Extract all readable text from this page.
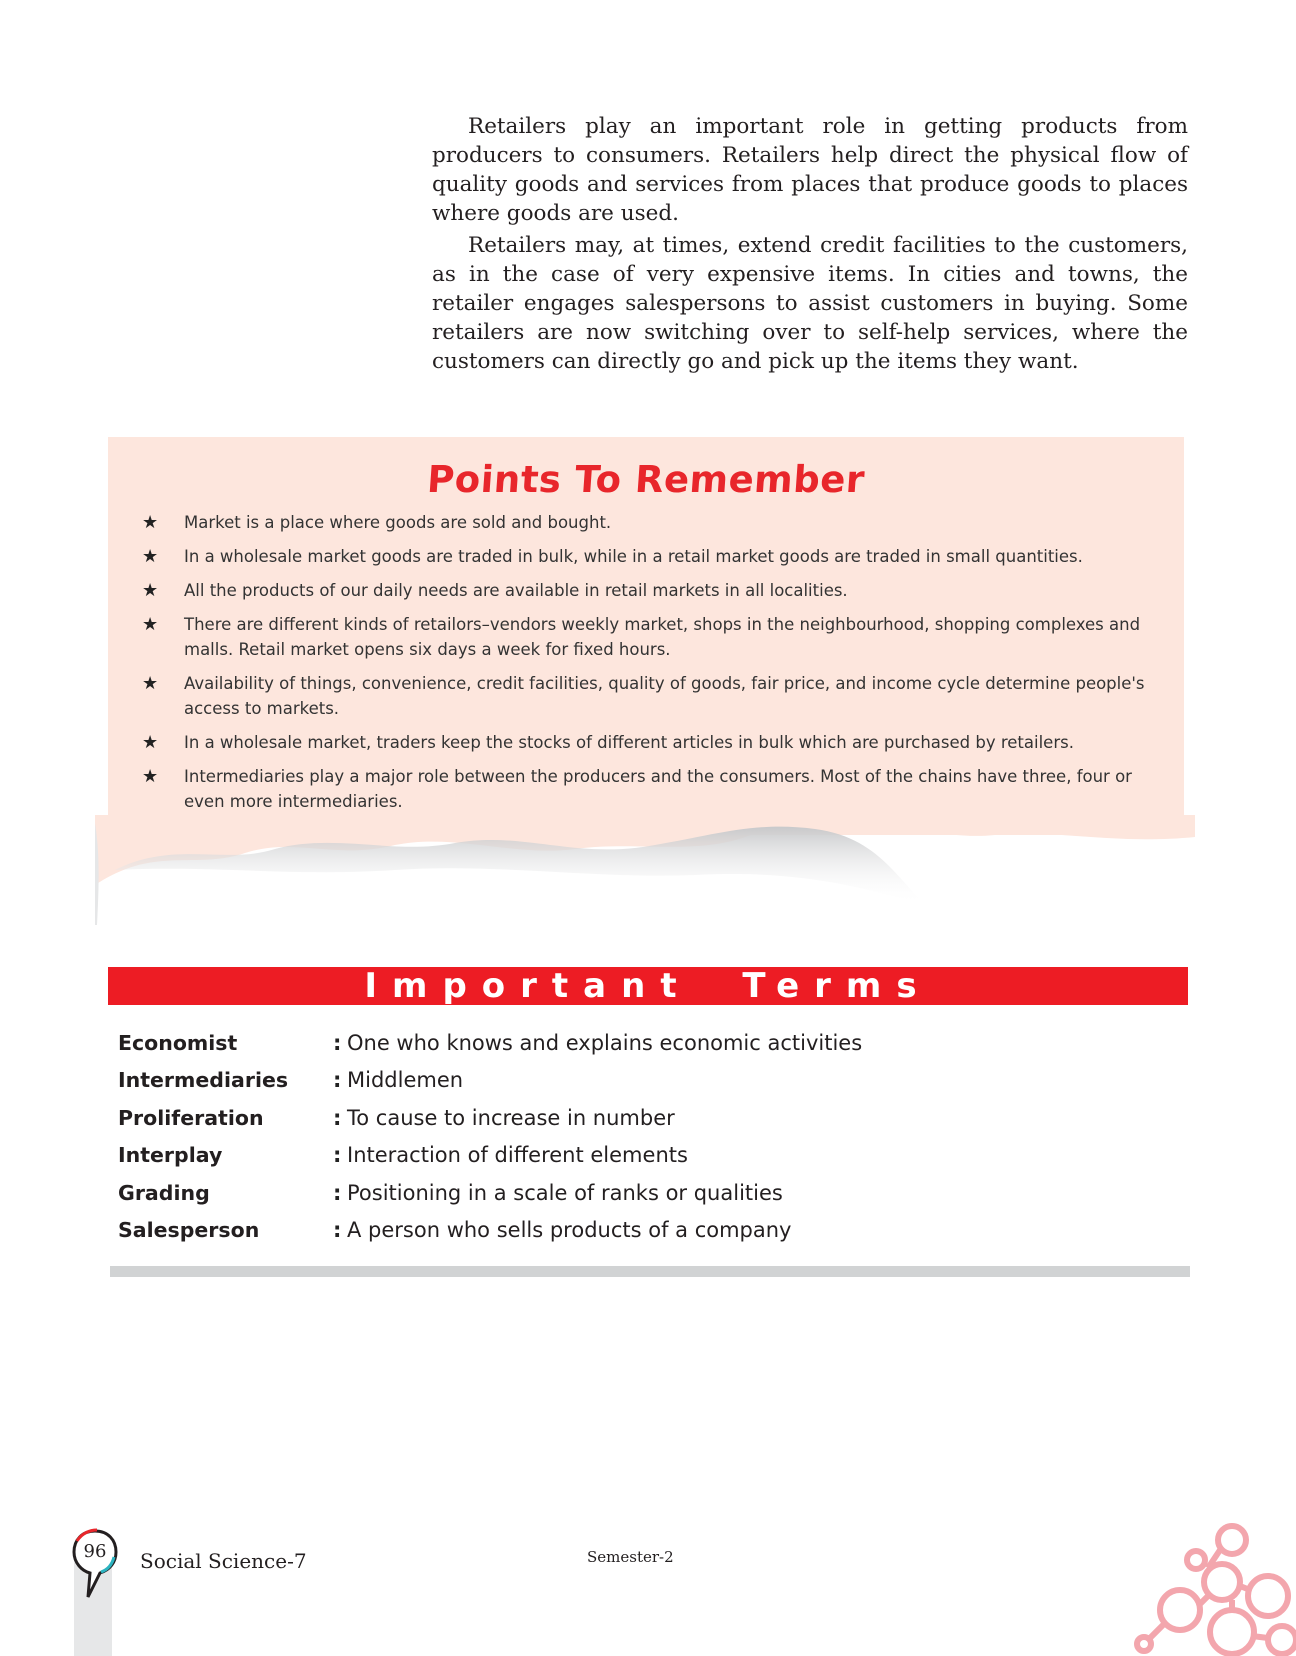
Retailers play an important role in getting products from producers to consumers. Retailers help direct the physical flow of quality goods and services from places that produce goods to places where goods are used.

Retailers may, at times, extend credit facilities to the customers, as in the case of very expensive items. In cities and towns, the retailer engages salespersons to assist customers in buying. Some retailers are now switching over to self-help services, where the customers can directly go and pick up the items they want.

Points To Remember
★ Market is a place where goods are sold and bought.
★ In a wholesale market goods are traded in bulk, while in a retail market goods are traded in small quantities.
★ All the products of our daily needs are available in retail markets in all localities.
★ There are different kinds of retailors–vendors weekly market, shops in the neighbourhood, shopping complexes and malls. Retail market opens six days a week for fixed hours.
★ Availability of things, convenience, credit facilities, quality of goods, fair price, and income cycle determine people's access to markets.
★ In a wholesale market, traders keep the stocks of different articles in bulk which are purchased by retailers.
★ Intermediaries play a major role between the producers and the consumers. Most of the chains have three, four or even more intermediaries.
Important Terms
Economist	: One who knows and explains economic activities
Intermediaries	: Middlemen
Proliferation	: To cause to increase in number
Interplay	: Interaction of different elements
Grading	: Positioning in a scale of ranks or qualities
Salesperson	: A person who sells products of a company
96	Social Science-7	Semester-2
